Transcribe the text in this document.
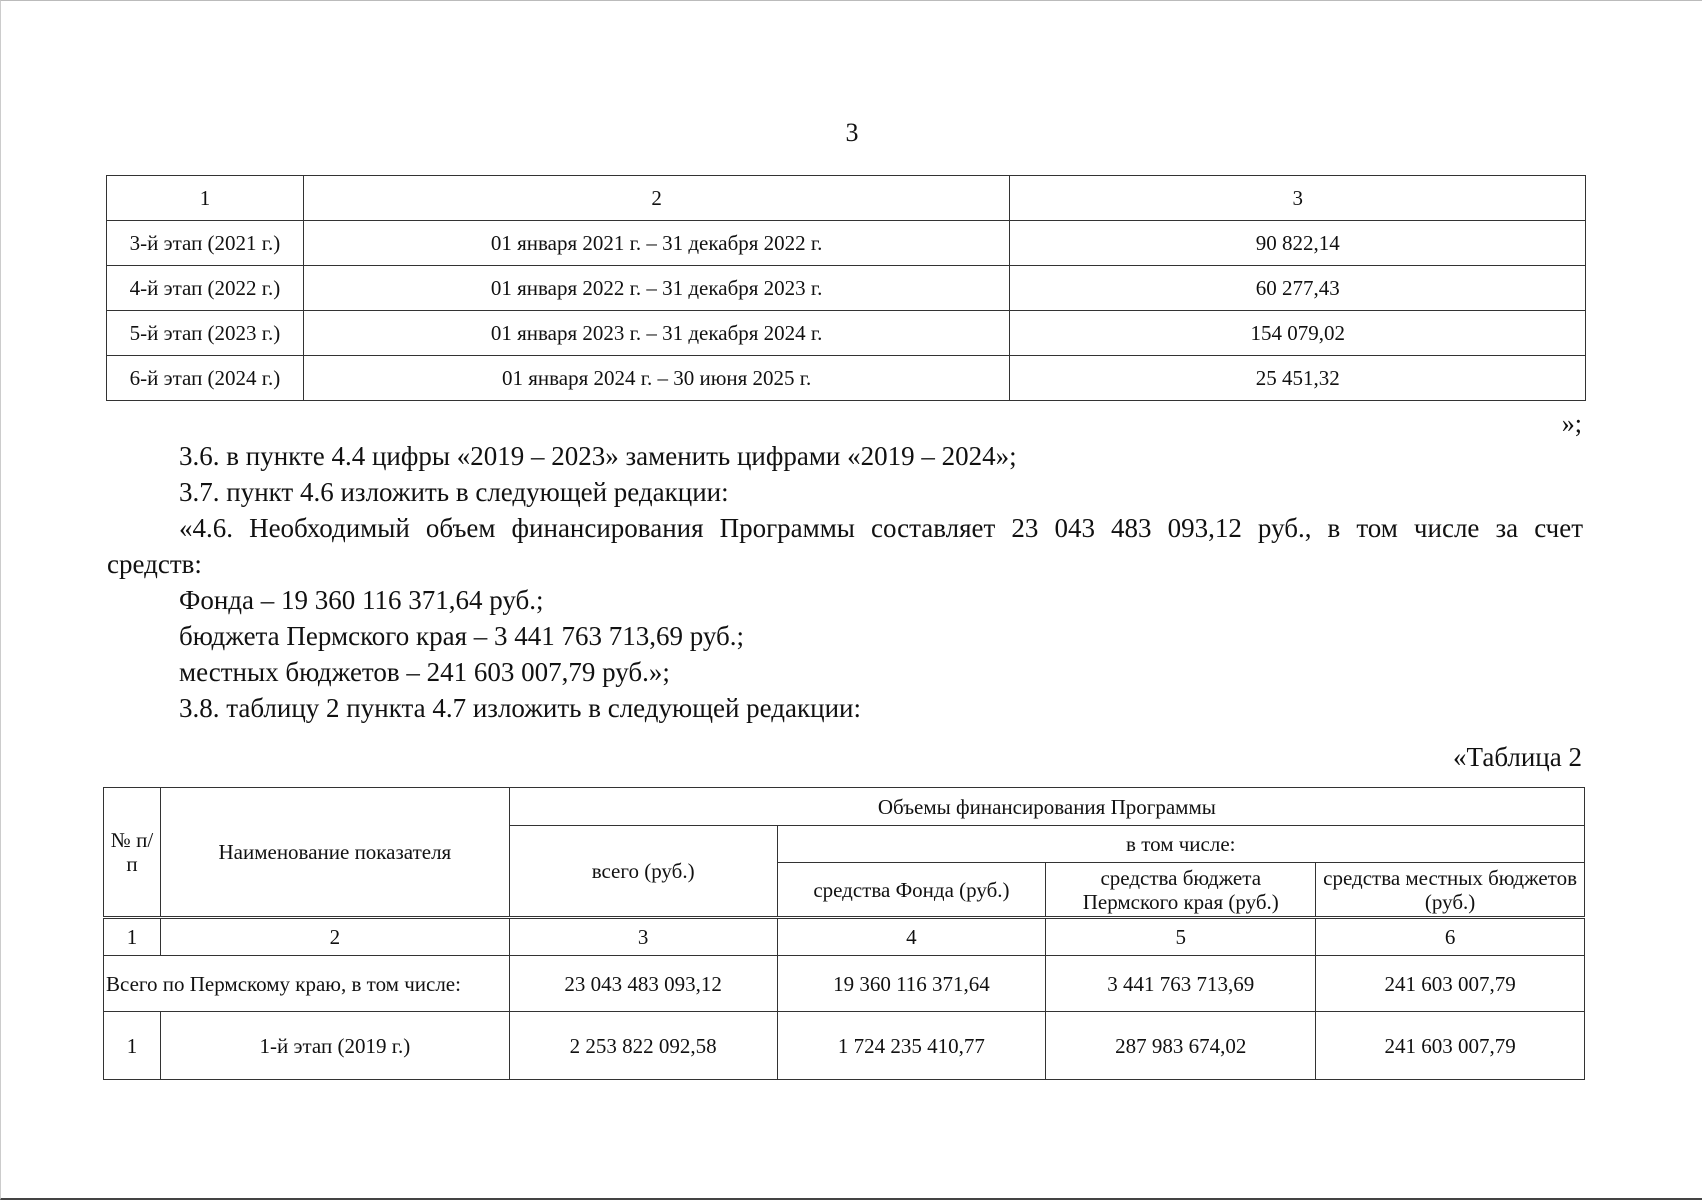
3
1	2	3
3-й этап (2021 г.)	01 января 2021 г. – 31 декабря 2022 г.	90 822,14
4-й этап (2022 г.)	01 января 2022 г. – 31 декабря 2023 г.	60 277,43
5-й этап (2023 г.)	01 января 2023 г. – 31 декабря 2024 г.	154 079,02
6-й этап (2024 г.)	01 января 2024 г. – 30 июня 2025 г.	25 451,32
»;

3.6. в пункте 4.4 цифры «2019 – 2023» заменить цифрами «2019 – 2024»;

3.7. пункт 4.6 изложить в следующей редакции:

«4.6. Необходимый объем финансирования Программы составляет 23 043 483 093,12 руб., в том числе за счет

средств:

Фонда – 19 360 116 371,64 руб.;

бюджета Пермского края – 3 441 763 713,69 руб.;

местных бюджетов – 241 603 007,79 руб.»;

3.8. таблицу 2 пункта 4.7 изложить в следующей редакции:

«Таблица 2
№ п/п	Наименование показателя	Объемы финансирования Программы			
		всего (руб.)	в том числе:		
			средства Фонда (руб.)	средства бюджета Пермского края (руб.)	средства местных бюджетов (руб.)
1	2	3	4	5	6
Всего по Пермскому краю, в том числе:		23 043 483 093,12	19 360 116 371,64	3 441 763 713,69	241 603 007,79
1	1-й этап (2019 г.)	2 253 822 092,58	1 724 235 410,77	287 983 674,02	241 603 007,79
